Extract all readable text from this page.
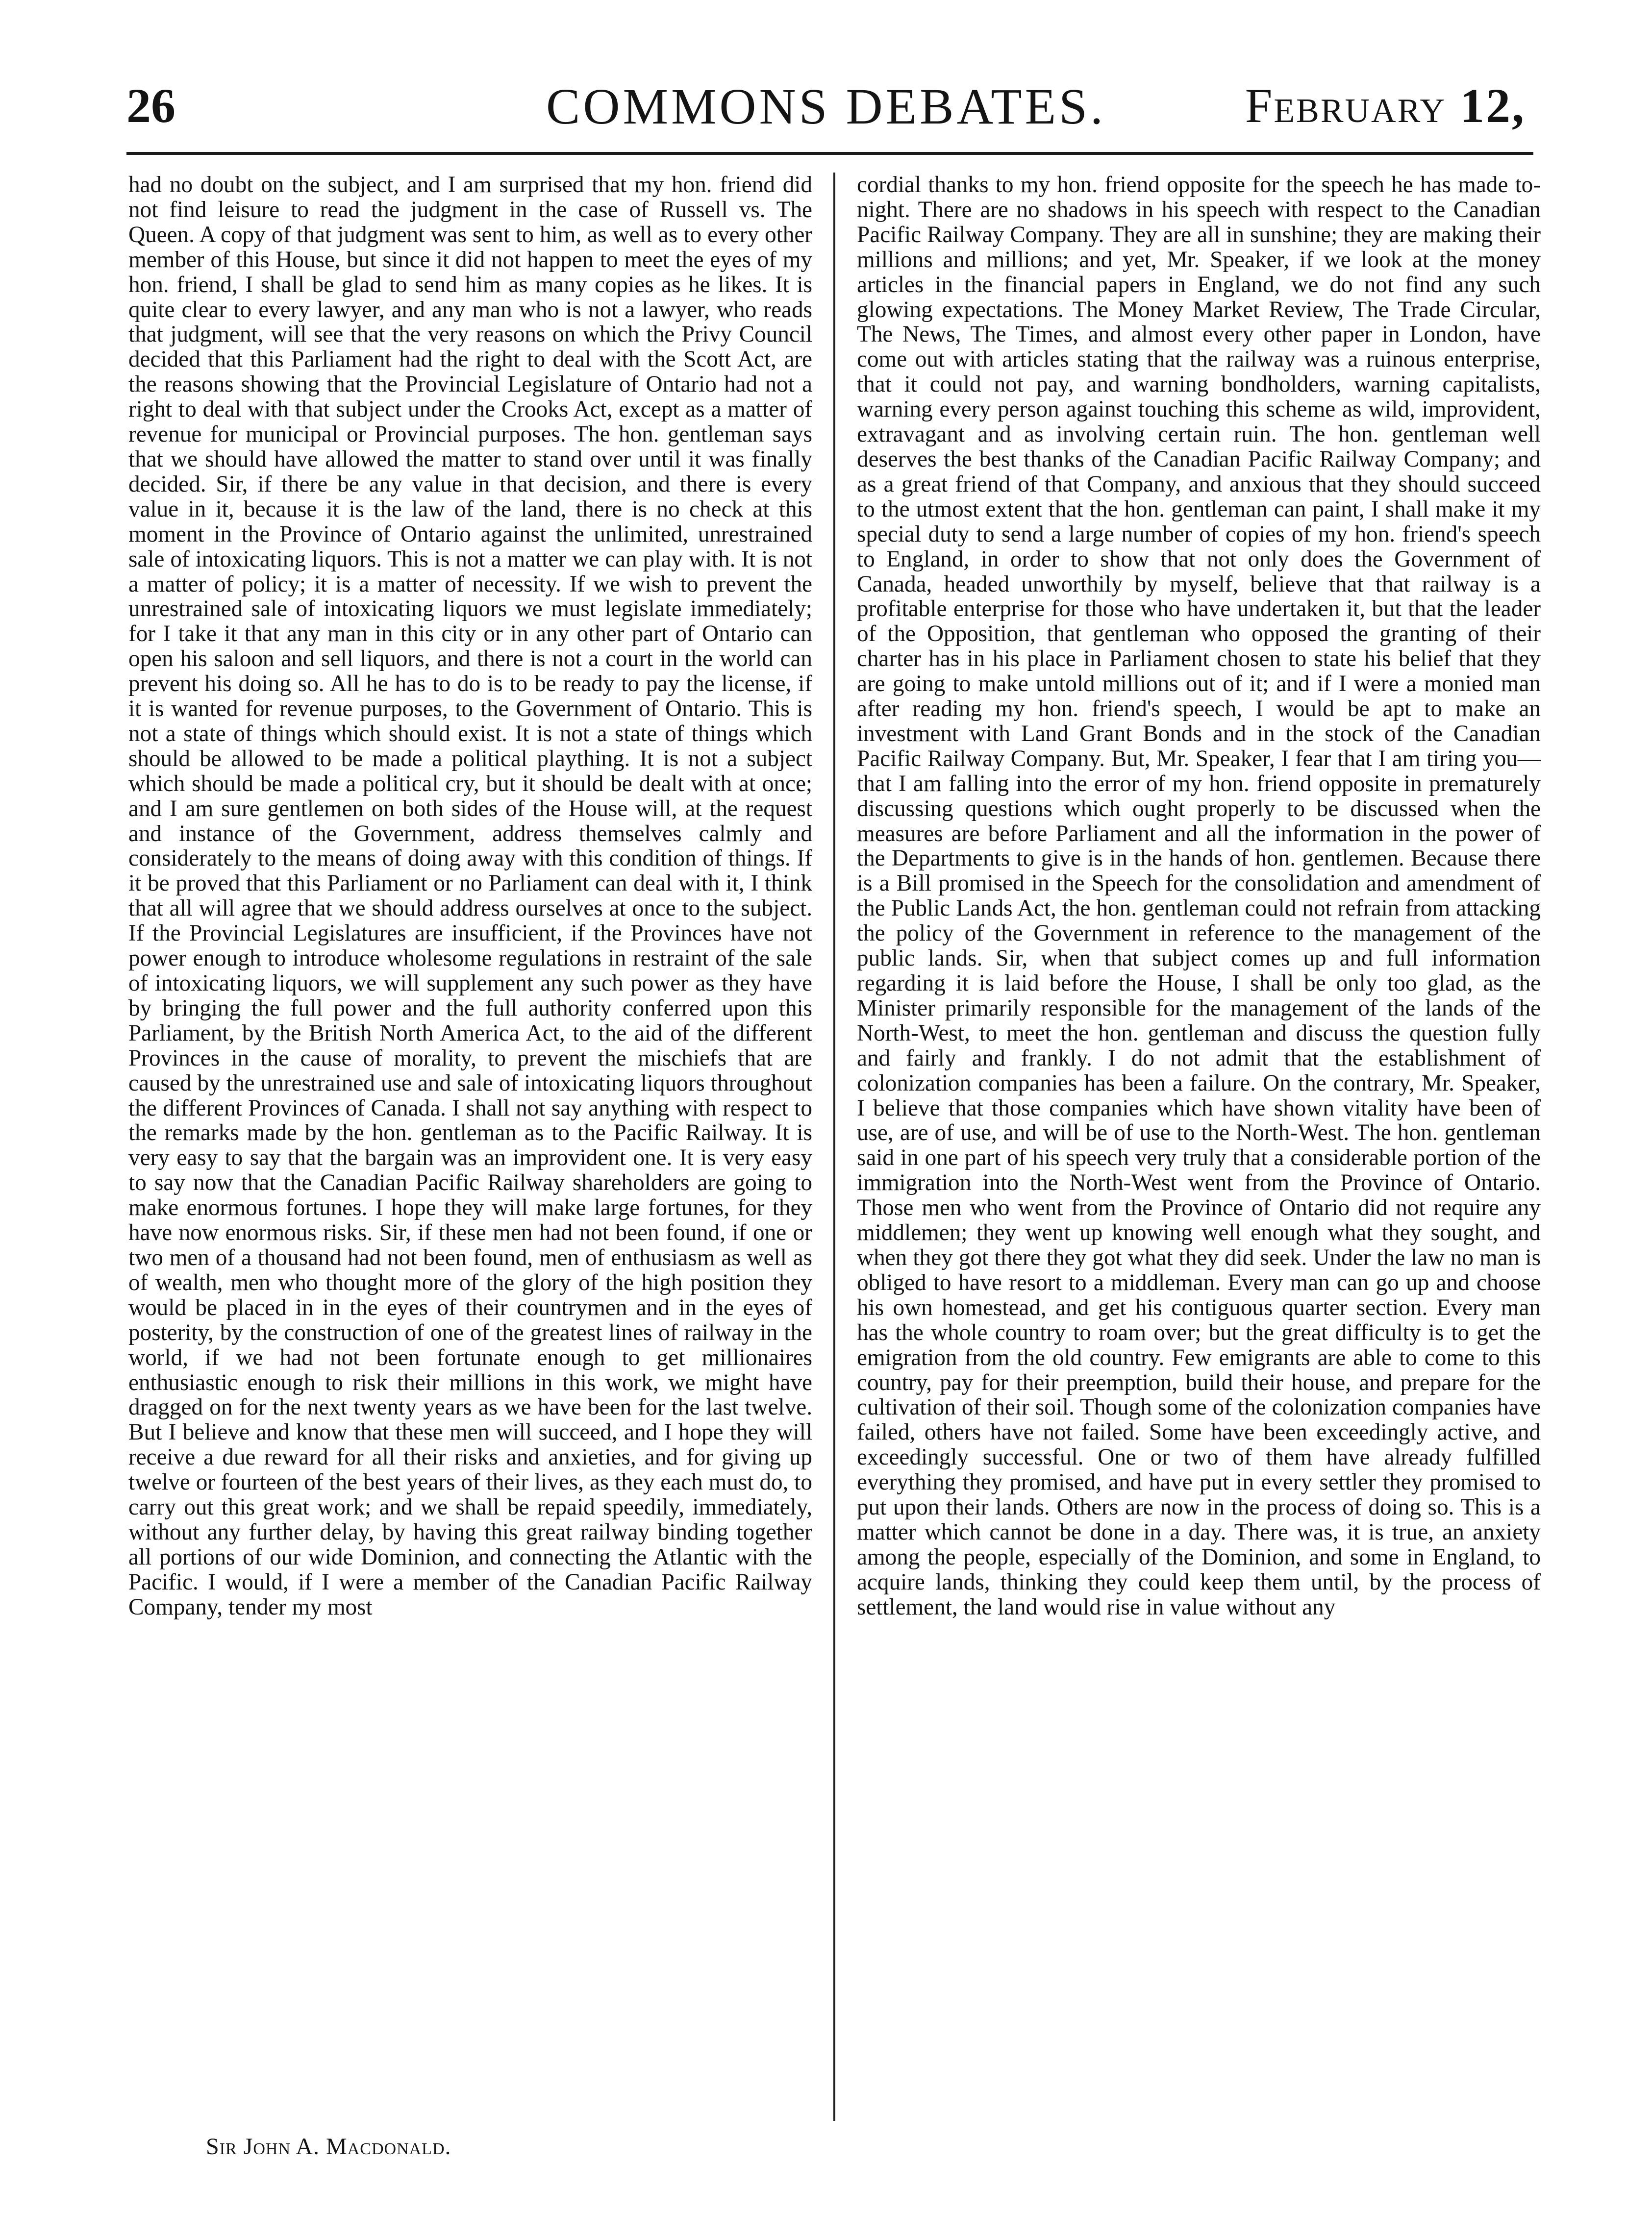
26	COMMONS DEBATES.	February 12,

had no doubt on the subject, and I am surprised that my hon. friend did not find leisure to read the judgment in the case of Russell vs. The Queen. A copy of that judgment was sent to him, as well as to every other member of this House, but since it did not happen to meet the eyes of my hon. friend, I shall be glad to send him as many copies as he likes. It is quite clear to every lawyer, and any man who is not a lawyer, who reads that judgment, will see that the very reasons on which the Privy Council decided that this Parliament had the right to deal with the Scott Act, are the reasons showing that the Provincial Legislature of Ontario had not a right to deal with that subject under the Crooks Act, except as a matter of revenue for municipal or Provincial purposes. The hon. gentleman says that we should have allowed the matter to stand over until it was finally decided. Sir, if there be any value in that decision, and there is every value in it, because it is the law of the land, there is no check at this moment in the Province of Ontario against the unlimited, unrestrained sale of intoxicating liquors. This is not a matter we can play with. It is not a matter of policy; it is a matter of necessity. If we wish to prevent the unrestrained sale of intoxicating liquors we must legislate immediately; for I take it that any man in this city or in any other part of Ontario can open his saloon and sell liquors, and there is not a court in the world can prevent his doing so. All he has to do is to be ready to pay the license, if it is wanted for revenue purposes, to the Government of Ontario. This is not a state of things which should exist. It is not a state of things which should be allowed to be made a political plaything. It is not a subject which should be made a political cry, but it should be dealt with at once; and I am sure gentlemen on both sides of the House will, at the request and instance of the Government, address themselves calmly and considerately to the means of doing away with this condition of things. If it be proved that this Parliament or no Parliament can deal with it, I think that all will agree that we should address ourselves at once to the subject. If the Provincial Legislatures are insufficient, if the Provinces have not power enough to introduce wholesome regulations in restraint of the sale of intoxicating liquors, we will supplement any such power as they have by bringing the full power and the full authority conferred upon this Parliament, by the British North America Act, to the aid of the different Provinces in the cause of morality, to prevent the mischiefs that are caused by the unrestrained use and sale of intoxicating liquors throughout the different Provinces of Canada. I shall not say anything with respect to the remarks made by the hon. gentleman as to the Pacific Railway. It is very easy to say that the bargain was an improvident one. It is very easy to say now that the Canadian Pacific Railway shareholders are going to make enormous fortunes. I hope they will make large fortunes, for they have now enormous risks. Sir, if these men had not been found, if one or two men of a thousand had not been found, men of enthusiasm as well as of wealth, men who thought more of the glory of the high position they would be placed in in the eyes of their countrymen and in the eyes of posterity, by the construction of one of the greatest lines of railway in the world, if we had not been fortunate enough to get millionaires enthusiastic enough to risk their millions in this work, we might have dragged on for the next twenty years as we have been for the last twelve. But I believe and know that these men will succeed, and I hope they will receive a due reward for all their risks and anxieties, and for giving up twelve or fourteen of the best years of their lives, as they each must do, to carry out this great work; and we shall be repaid speedily, immediately, without any further delay, by having this great railway binding together all portions of our wide Dominion, and connecting the Atlantic with the Pacific. I would, if I were a member of the Canadian Pacific Railway Company, tender my most

cordial thanks to my hon. friend opposite for the speech he has made to-night. There are no shadows in his speech with respect to the Canadian Pacific Railway Company. They are all in sunshine; they are making their millions and millions; and yet, Mr. Speaker, if we look at the money articles in the financial papers in England, we do not find any such glowing expectations. The Money Market Review, The Trade Circular, The News, The Times, and almost every other paper in London, have come out with articles stating that the railway was a ruinous enterprise, that it could not pay, and warning bondholders, warning capitalists, warning every person against touching this scheme as wild, improvident, extravagant and as involving certain ruin. The hon. gentleman well deserves the best thanks of the Canadian Pacific Railway Company; and as a great friend of that Company, and anxious that they should succeed to the utmost extent that the hon. gentleman can paint, I shall make it my special duty to send a large number of copies of my hon. friend's speech to England, in order to show that not only does the Government of Canada, headed unworthily by myself, believe that that railway is a profitable enterprise for those who have undertaken it, but that the leader of the Opposition, that gentleman who opposed the granting of their charter has in his place in Parliament chosen to state his belief that they are going to make untold millions out of it; and if I were a monied man after reading my hon. friend's speech, I would be apt to make an investment with Land Grant Bonds and in the stock of the Canadian Pacific Railway Company. But, Mr. Speaker, I fear that I am tiring you—that I am falling into the error of my hon. friend opposite in prematurely discussing questions which ought properly to be discussed when the measures are before Parliament and all the information in the power of the Departments to give is in the hands of hon. gentlemen. Because there is a Bill promised in the Speech for the consolidation and amendment of the Public Lands Act, the hon. gentleman could not refrain from attacking the policy of the Government in reference to the management of the public lands. Sir, when that subject comes up and full information regarding it is laid before the House, I shall be only too glad, as the Minister primarily responsible for the management of the lands of the North-West, to meet the hon. gentleman and discuss the question fully and fairly and frankly. I do not admit that the establishment of colonization companies has been a failure. On the contrary, Mr. Speaker, I believe that those companies which have shown vitality have been of use, are of use, and will be of use to the North-West. The hon. gentleman said in one part of his speech very truly that a considerable portion of the immigration into the North-West went from the Province of Ontario. Those men who went from the Province of Ontario did not require any middlemen; they went up knowing well enough what they sought, and when they got there they got what they did seek. Under the law no man is obliged to have resort to a middleman. Every man can go up and choose his own homestead, and get his contiguous quarter section. Every man has the whole country to roam over; but the great difficulty is to get the emigration from the old country. Few emigrants are able to come to this country, pay for their preemption, build their house, and prepare for the cultivation of their soil. Though some of the colonization companies have failed, others have not failed. Some have been exceedingly active, and exceedingly successful. One or two of them have already fulfilled everything they promised, and have put in every settler they promised to put upon their lands. Others are now in the process of doing so. This is a matter which cannot be done in a day. There was, it is true, an anxiety among the people, especially of the Dominion, and some in England, to acquire lands, thinking they could keep them until, by the process of settlement, the land would rise in value without any

Sir John A. Macdonald.
